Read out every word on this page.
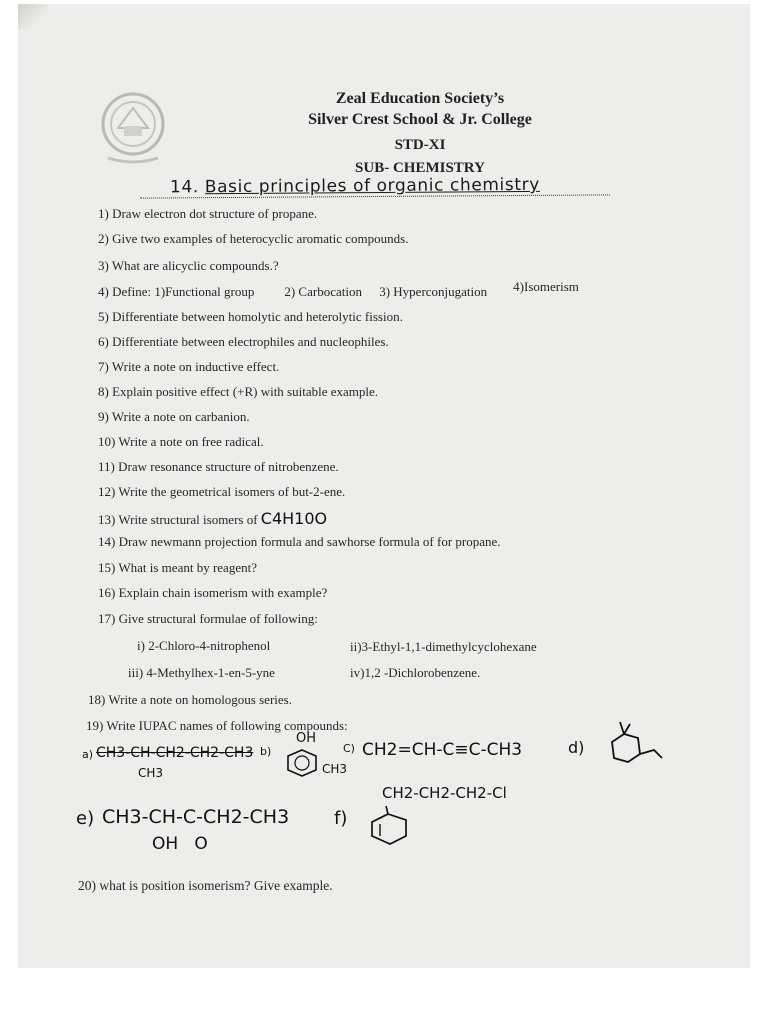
Zeal Education Society’s
Silver Crest School & Jr. College
STD-XI
SUB- CHEMISTRY
14. Basic principles of organic chemistry
1) Draw electron dot structure of propane.
2) Give two examples of heterocyclic aromatic compounds.
3) What are alicyclic compounds.?
4) Define: 1)Functional group 2) Carbocation 3) Hyperconjugation 4)Isomerism
5) Differentiate between homolytic and heterolytic fission.
6) Differentiate between electrophiles and nucleophiles.
7) Write a note on inductive effect.
8) Explain positive effect (+R) with suitable example.
9) Write a note on carbanion.
10) Write a note on free radical.
11) Draw resonance structure of nitrobenzene.
12) Write the geometrical isomers of but-2-ene.
13) Write structural isomers of C4H10O
14) Draw newmann projection formula and sawhorse formula of for propane.
15) What is meant by reagent?
16) Explain chain isomerism with example?
17) Give structural formulae of following:
i) 2-Chloro-4-nitrophenol	ii)3-Ethyl-1,1-dimethylcyclohexane
iii) 4-Methylhex-1-en-5-yne	iv)1,2 -Dichlorobenzene.
18) Write a note on homologous series.
19) Write IUPAC names of following compounds:
a) CH3-CH-CH2-CH2-CH3
CH3
b)
OH
CH3
C) CH2=CH-C≡C-CH3	d)
e) CH3-CH-C-CH2-CH3
OH   O
f)
CH2-CH2-CH2-Cl
20) what is position isomerism? Give example.
